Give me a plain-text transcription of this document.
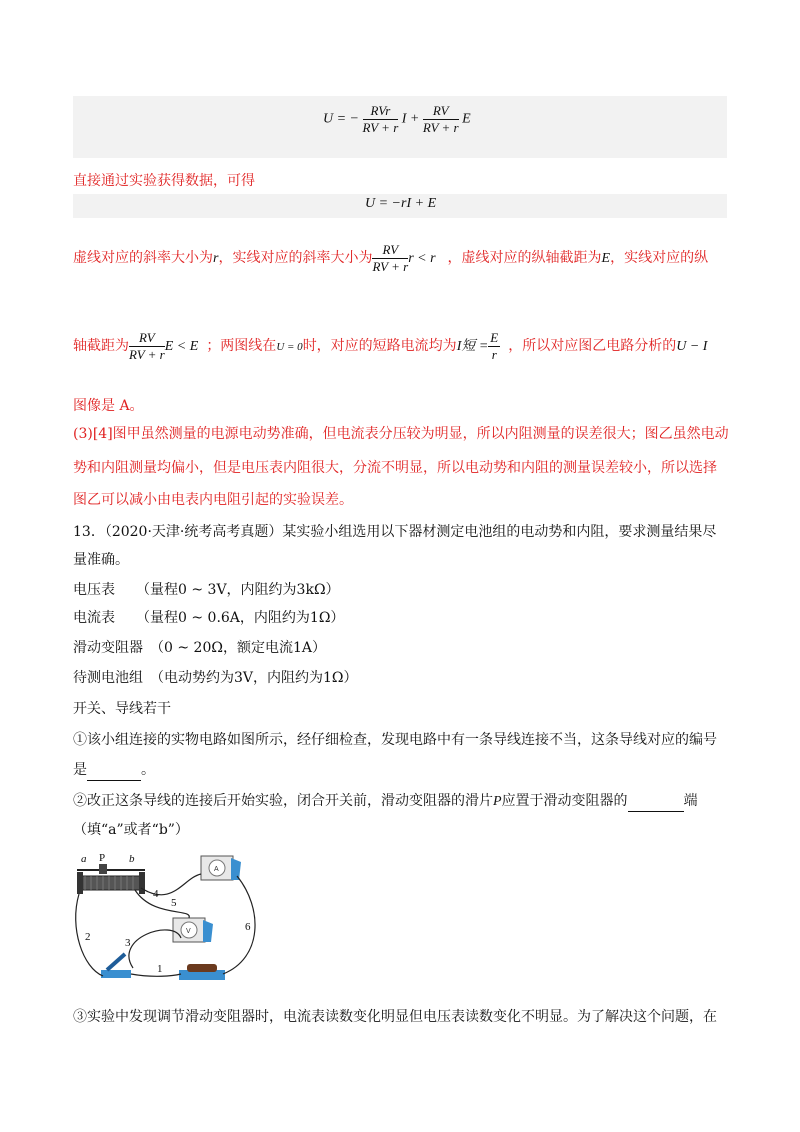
U = − $\frac{\text{RVr}}{RV + r}$ $I + \frac{RV}{RV + r}$ E
直接通过实验获得数据，可得
U = −rI + E
虚线对应的斜率大小为r，实线对应的斜率大小为 $\frac{RV}{RV + r}$ r < r ，虚线对应的纵轴截距为E，实线对应的纵
轴截距为 $\frac{RV}{RV + r}$ E < E ；两图线在U = 0时，对应的短路电流均为I短 = $\frac{E}{r}$ ，所以对应图乙电路分析的U − I
图像是 A。
(3)[4]图甲虽然测量的电源电动势准确，但电流表分压较为明显，所以内阻测量的误差很大；图乙虽然电动
势和内阻测量均偏小，但是电压表内阻很大，分流不明显，所以电动势和内阻的测量误差较小，所以选择
图乙可以减小由电表内电阻引起的实验误差。
13．（2020·天津·统考高考真题）某实验小组选用以下器材测定电池组的电动势和内阻，要求测量结果尽
量准确。
电压表　　（量程0 ~ 3V，内阻约为3kΩ）
电流表　　（量程0 ~ 0.6A，内阻约为1Ω）
滑动变阻器　（0 ~ 20Ω，额定电流1A）
待测电池组　（电动势约为3V，内阻约为1Ω）
开关、导线若干
①该小组连接的实物电路如图所示，经仔细检查，发现电路中有一条导线连接不当，这条导线对应的编号
是	。
②改正这条导线的连接后开始实验，闭合开关前，滑动变阻器的滑片P应置于滑动变阻器的	端
（填“a”或者“b”）
A
V
a P b
4
5
2	3
6
1
③实验中发现调节滑动变阻器时，电流表读数变化明显但电压表读数变化不明显。为了解决这个问题，在
